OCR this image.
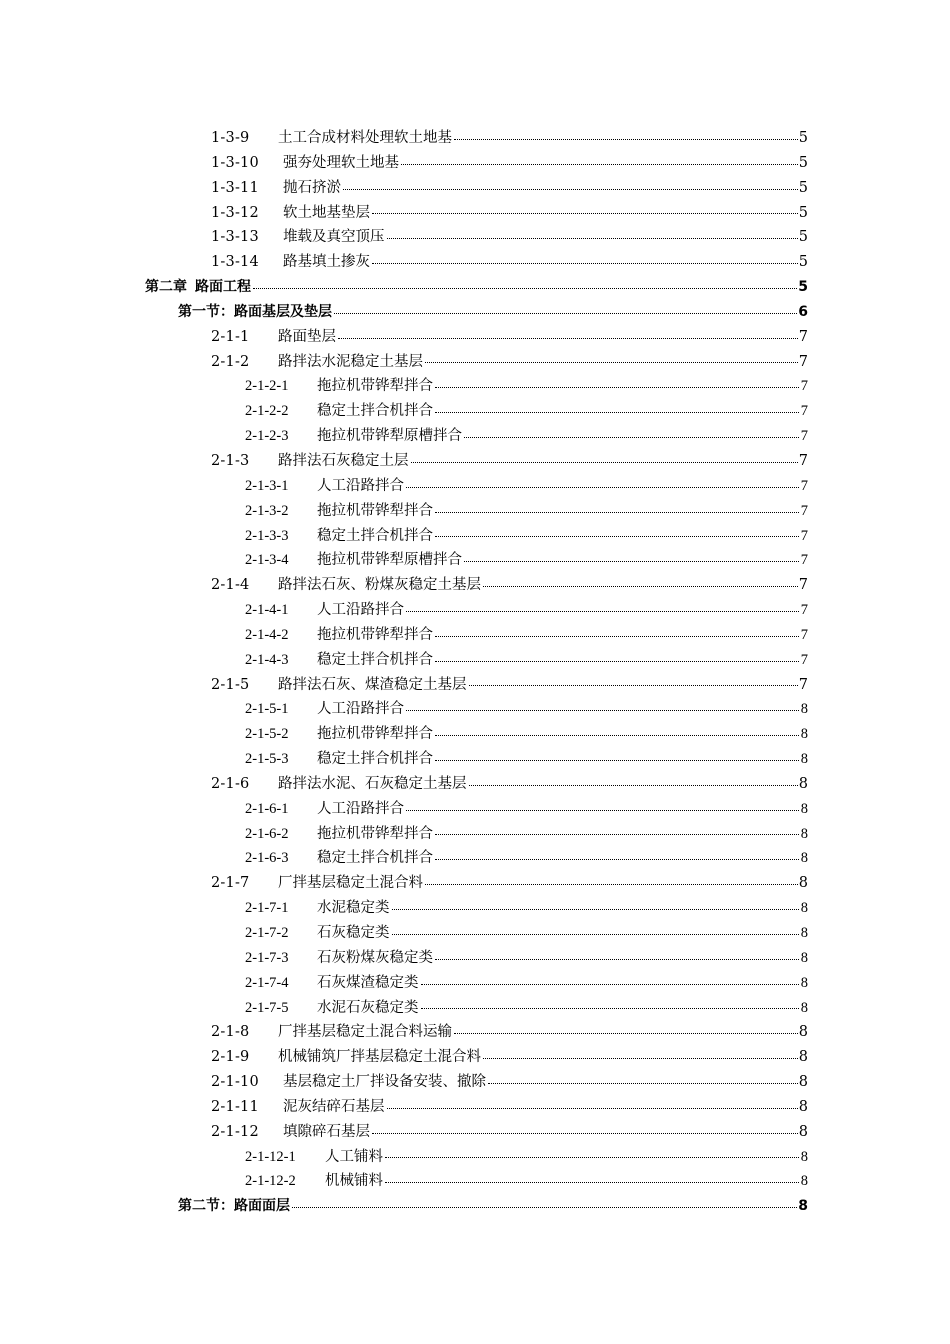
1-3-9	土工合成材料处理软土地基	5
1-3-10	强夯处理软土地基	5
1-3-11	抛石挤淤	5
1-3-12	软土地基垫层	5
1-3-13	堆载及真空顶压	5
1-3-14	路基填土掺灰	5
第二章 路面工程	5
第一节：路面基层及垫层	6
2-1-1	路面垫层	7
2-1-2	路拌法水泥稳定土基层	7
2-1-2-1	拖拉机带铧犁拌合	7
2-1-2-2	稳定土拌合机拌合	7
2-1-2-3	拖拉机带铧犁原槽拌合	7
2-1-3	路拌法石灰稳定土层	7
2-1-3-1	人工沿路拌合	7
2-1-3-2	拖拉机带铧犁拌合	7
2-1-3-3	稳定土拌合机拌合	7
2-1-3-4	拖拉机带铧犁原槽拌合	7
2-1-4	路拌法石灰、粉煤灰稳定土基层	7
2-1-4-1	人工沿路拌合	7
2-1-4-2	拖拉机带铧犁拌合	7
2-1-4-3	稳定土拌合机拌合	7
2-1-5	路拌法石灰、煤渣稳定土基层	7
2-1-5-1	人工沿路拌合	8
2-1-5-2	拖拉机带铧犁拌合	8
2-1-5-3	稳定土拌合机拌合	8
2-1-6	路拌法水泥、石灰稳定土基层	8
2-1-6-1	人工沿路拌合	8
2-1-6-2	拖拉机带铧犁拌合	8
2-1-6-3	稳定土拌合机拌合	8
2-1-7	厂拌基层稳定土混合料	8
2-1-7-1	水泥稳定类	8
2-1-7-2	石灰稳定类	8
2-1-7-3	石灰粉煤灰稳定类	8
2-1-7-4	石灰煤渣稳定类	8
2-1-7-5	水泥石灰稳定类	8
2-1-8	厂拌基层稳定土混合料运输	8
2-1-9	机械铺筑厂拌基层稳定土混合料	8
2-1-10	基层稳定土厂拌设备安装、撤除	8
2-1-11	泥灰结碎石基层	8
2-1-12	填隙碎石基层	8
2-1-12-1	人工铺料	8
2-1-12-2	机械铺料	8
第二节：路面面层	8
